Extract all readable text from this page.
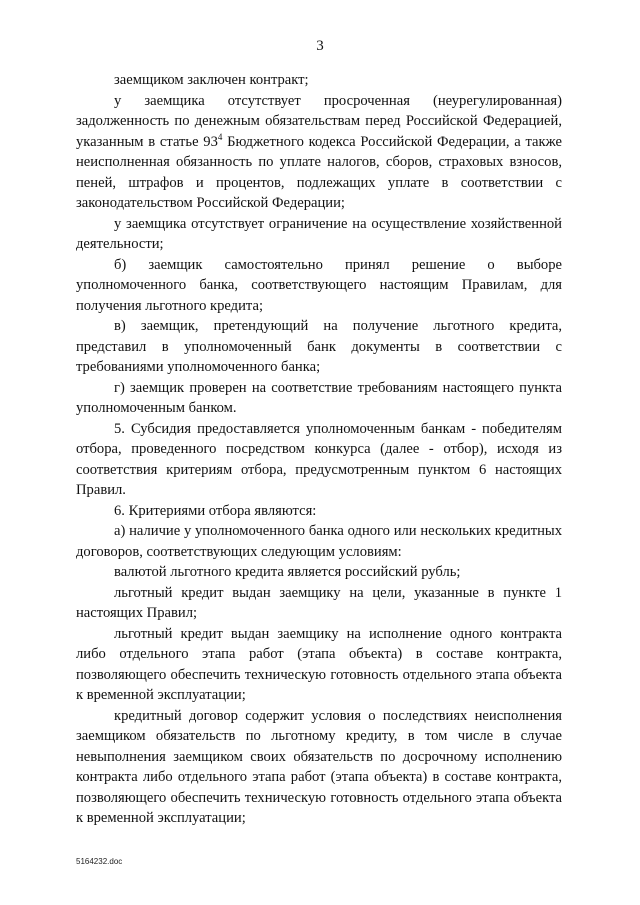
3

заемщиком заключен контракт;

у заемщика отсутствует просроченная (неурегулированная) задолженность по денежным обязательствам перед Российской Федерацией, указанным в статье $93^4$ Бюджетного кодекса Российской Федерации, а также неисполненная обязанность по уплате налогов, сборов, страховых взносов, пеней, штрафов и процентов, подлежащих уплате в соответствии с законодательством Российской Федерации;

у заемщика отсутствует ограничение на осуществление хозяйственной деятельности;

б) заемщик самостоятельно принял решение о выборе уполномоченного банка, соответствующего настоящим Правилам, для получения льготного кредита;

в) заемщик, претендующий на получение льготного кредита, представил в уполномоченный банк документы в соответствии с требованиями уполномоченного банка;

г) заемщик проверен на соответствие требованиям настоящего пункта уполномоченным банком.

5. Субсидия предоставляется уполномоченным банкам - победителям отбора, проведенного посредством конкурса (далее - отбор), исходя из соответствия критериям отбора, предусмотренным пунктом 6 настоящих Правил.

6. Критериями отбора являются:

а) наличие у уполномоченного банка одного или нескольких кредитных договоров, соответствующих следующим условиям:

валютой льготного кредита является российский рубль;

льготный кредит выдан заемщику на цели, указанные в пункте 1 настоящих Правил;

льготный кредит выдан заемщику на исполнение одного контракта либо отдельного этапа работ (этапа объекта) в составе контракта, позволяющего обеспечить техническую готовность отдельного этапа объекта к временной эксплуатации;

кредитный договор содержит условия о последствиях неисполнения заемщиком обязательств по льготному кредиту, в том числе в случае невыполнения заемщиком своих обязательств по досрочному исполнению контракта либо отдельного этапа работ (этапа объекта) в составе контракта, позволяющего обеспечить техническую готовность отдельного этапа объекта к временной эксплуатации;

5164232.doc
